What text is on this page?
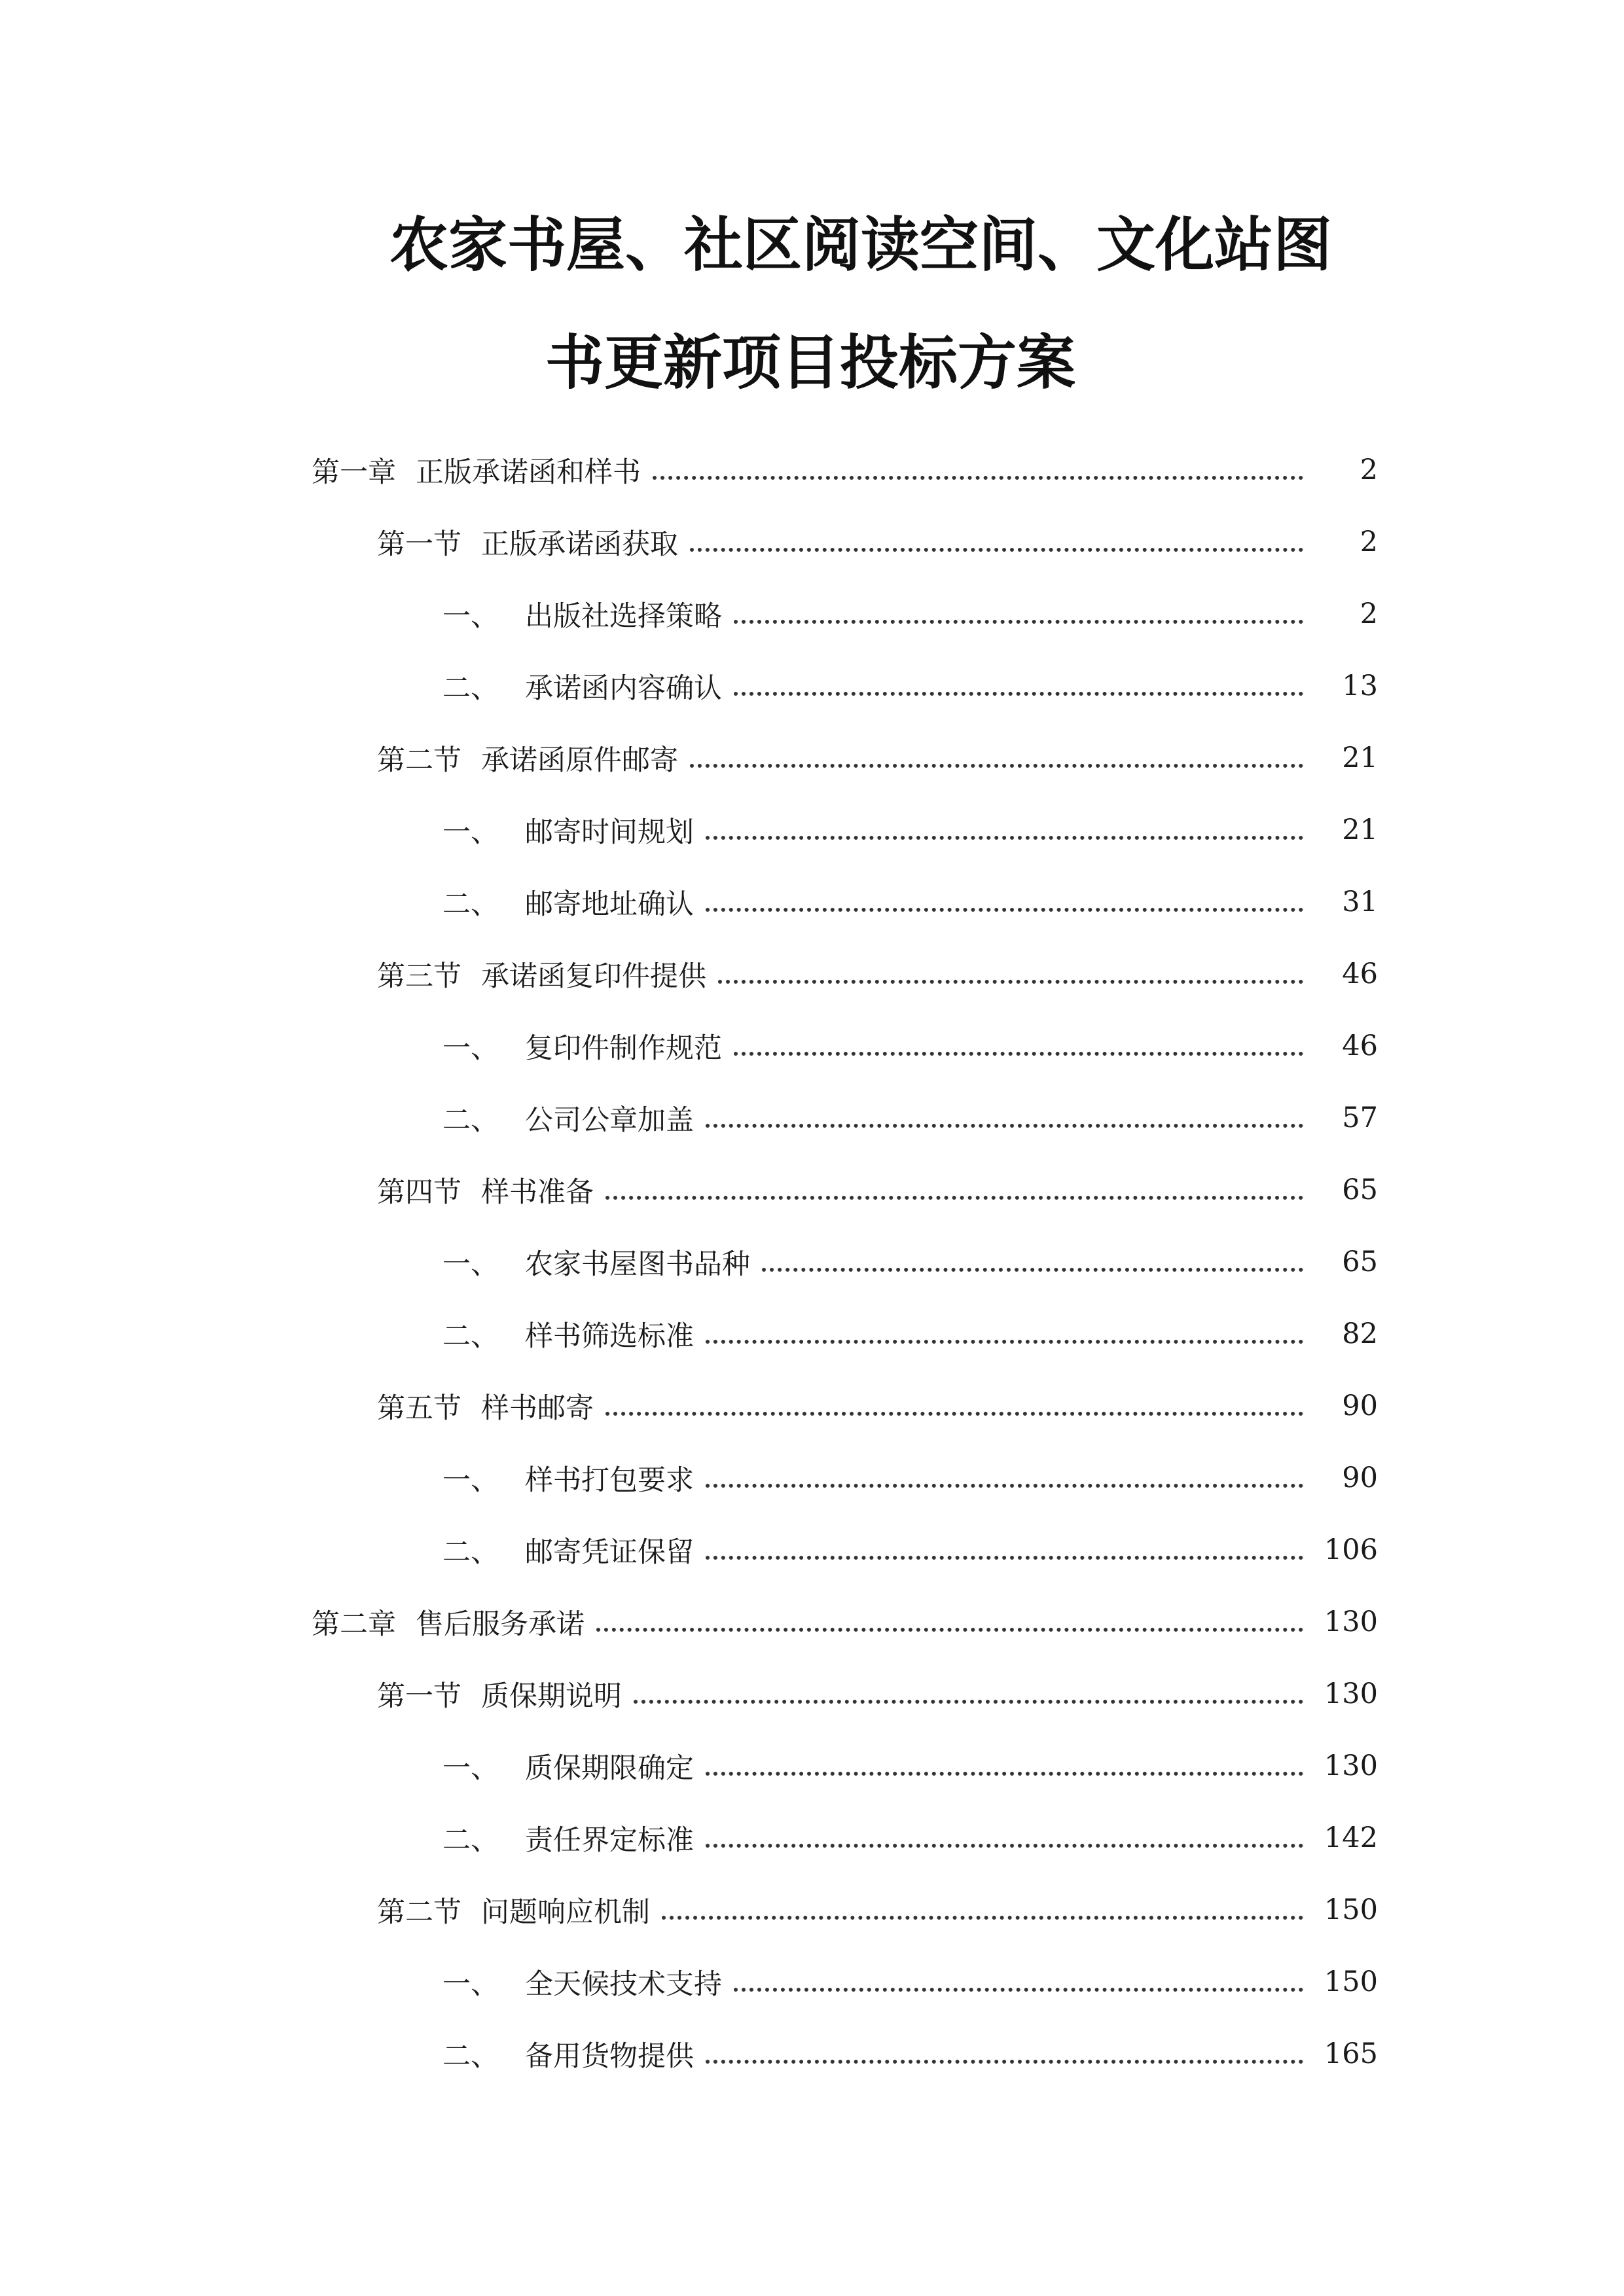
农家书屋、社区阅读空间、文化站图
书更新项目投标方案
第一章 正版承诺函和样书	2
第一节 正版承诺函获取	2
一、 出版社选择策略	2
二、 承诺函内容确认	13
第二节 承诺函原件邮寄	21
一、 邮寄时间规划	21
二、 邮寄地址确认	31
第三节 承诺函复印件提供	46
一、 复印件制作规范	46
二、 公司公章加盖	57
第四节 样书准备	65
一、 农家书屋图书品种	65
二、 样书筛选标准	82
第五节 样书邮寄	90
一、 样书打包要求	90
二、 邮寄凭证保留	106
第二章 售后服务承诺	130
第一节 质保期说明	130
一、 质保期限确定	130
二、 责任界定标准	142
第二节 问题响应机制	150
一、 全天候技术支持	150
二、 备用货物提供	165
